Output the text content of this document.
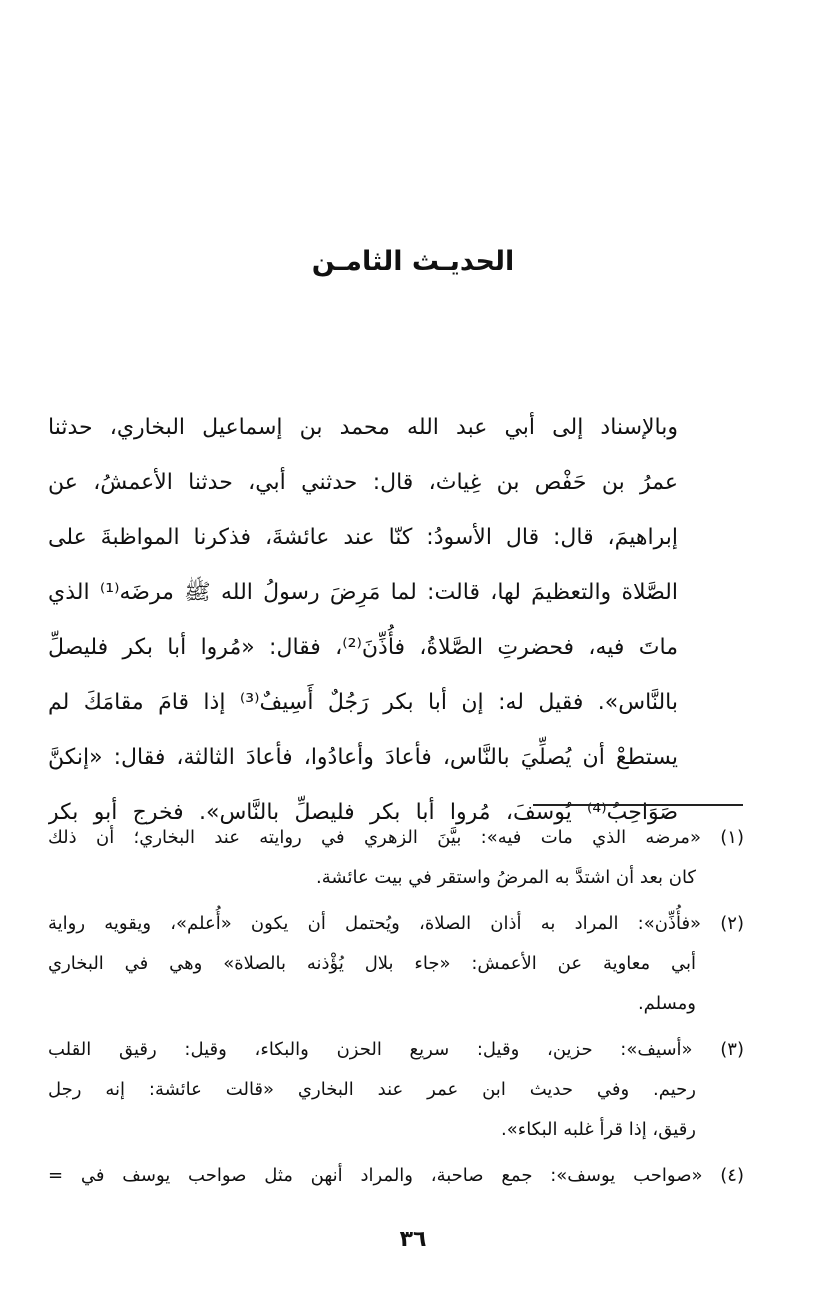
الحديـث الثامـن
وبالإسناد إلى أبي عبد الله محمد بن إسماعيل البخاري، حدثنا
عمرُ بن حَفْص بن غِياث، قال: حدثني أبي، حدثنا الأعمشُ، عن
إبراهيمَ، قال: قال الأسودُ: كنّا عند عائشةَ، فذكرنا المواظبةَ على
الصَّلاة والتعظيمَ لها، قالت: لما مَرِضَ رسولُ الله ﷺ مرضَه⁽¹⁾ الذي
ماتَ فيه، فحضرتِ الصَّلاةُ، فأُذِّنَ⁽²⁾، فقال: «مُروا أبا بكر فليصلِّ
بالنَّاس». فقيل له: إن أبا بكر رَجُلٌ أَسِيفٌ⁽³⁾ إذا قامَ مقامَكَ لم
يستطعْ أن يُصلِّيَ بالنَّاس، فأعادَ وأعادُوا، فأعادَ الثالثة، فقال: «إنكنَّ
صَوَاحِبُ⁽⁴⁾ يُوسفَ، مُروا أبا بكر فليصلِّ بالنَّاس». فخرج أبو بكر
(١) «مرضه الذي مات فيه»: بيَّنَ الزهري في روايته عند البخاري؛ أن ذلك
كان بعد أن اشتدَّ به المرضُ واستقر في بيت عائشة.
(٢) «فأُذِّن»: المراد به أذان الصلاة، ويُحتمل أن يكون «أُعلم»، ويقويه رواية
أبي معاوية عن الأعمش: «جاء بلال يُؤْذنه بالصلاة» وهي في البخاري
ومسلم.
(٣) «أسيف»: حزين، وقيل: سريع الحزن والبكاء، وقيل: رقيق القلب
رحيم. وفي حديث ابن عمر عند البخاري «قالت عائشة: إنه رجل
رقيق، إذا قرأ غلبه البكاء».
(٤) «صواحب يوسف»: جمع صاحبة، والمراد أنهن مثل صواحب يوسف في =
٣٦
